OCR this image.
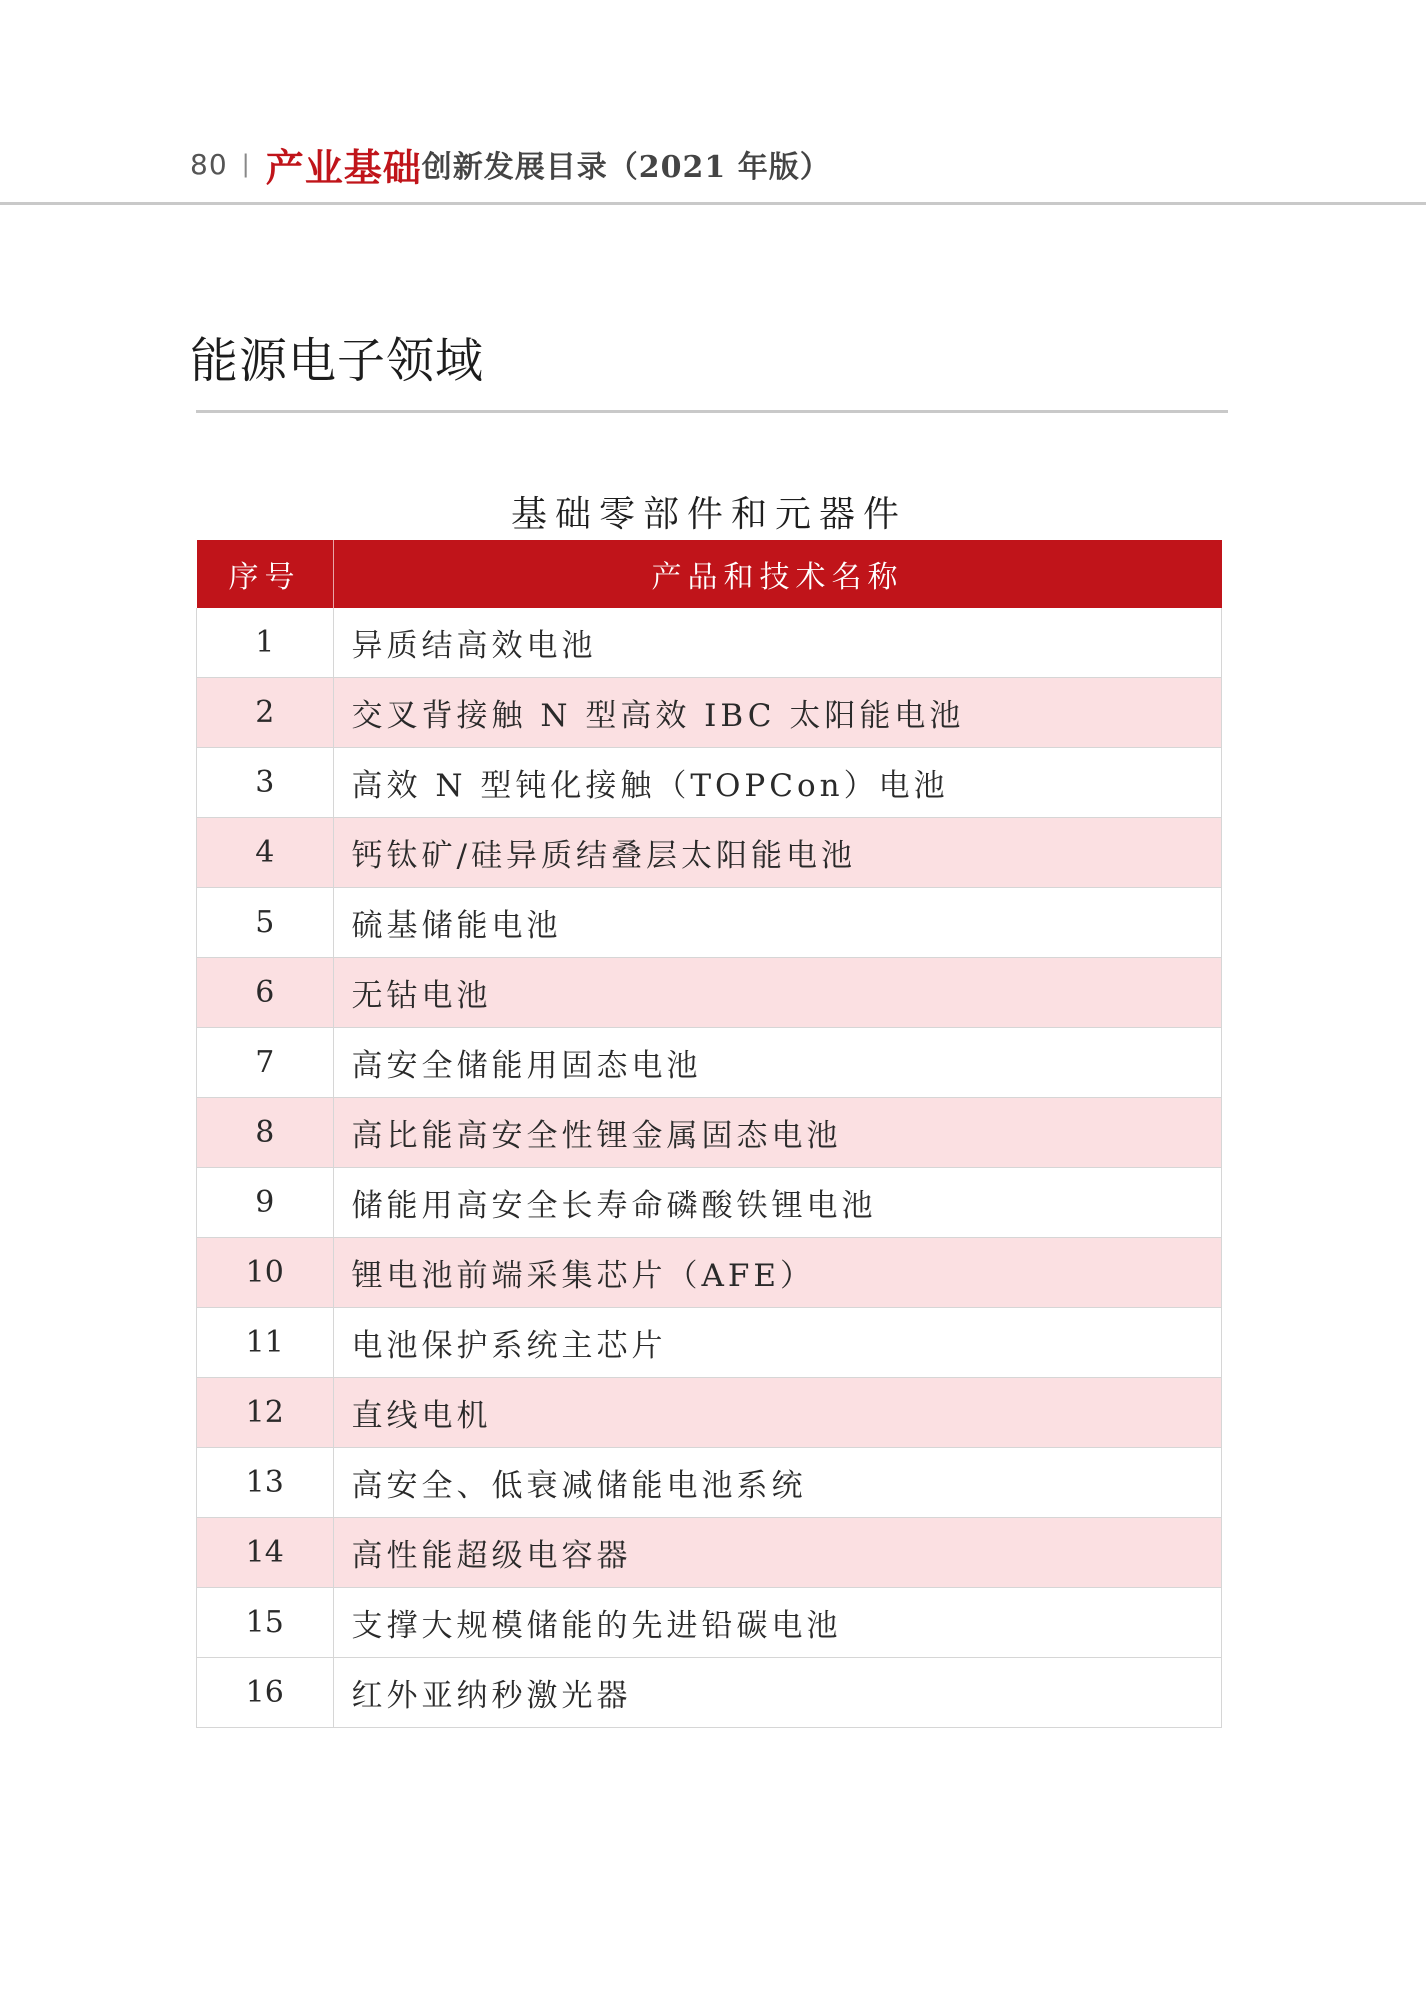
80 | 产业基础 创新发展目录（2021 年版）
能源电子领域
基础零部件和元器件
序号	产品和技术名称
1	异质结高效电池
2	交叉背接触 N 型高效 IBC 太阳能电池
3	高效 N 型钝化接触（TOPCon）电池
4	钙钛矿/硅异质结叠层太阳能电池
5	硫基储能电池
6	无钴电池
7	高安全储能用固态电池
8	高比能高安全性锂金属固态电池
9	储能用高安全长寿命磷酸铁锂电池
10	锂电池前端采集芯片（AFE）
11	电池保护系统主芯片
12	直线电机
13	高安全、低衰减储能电池系统
14	高性能超级电容器
15	支撑大规模储能的先进铅碳电池
16	红外亚纳秒激光器
